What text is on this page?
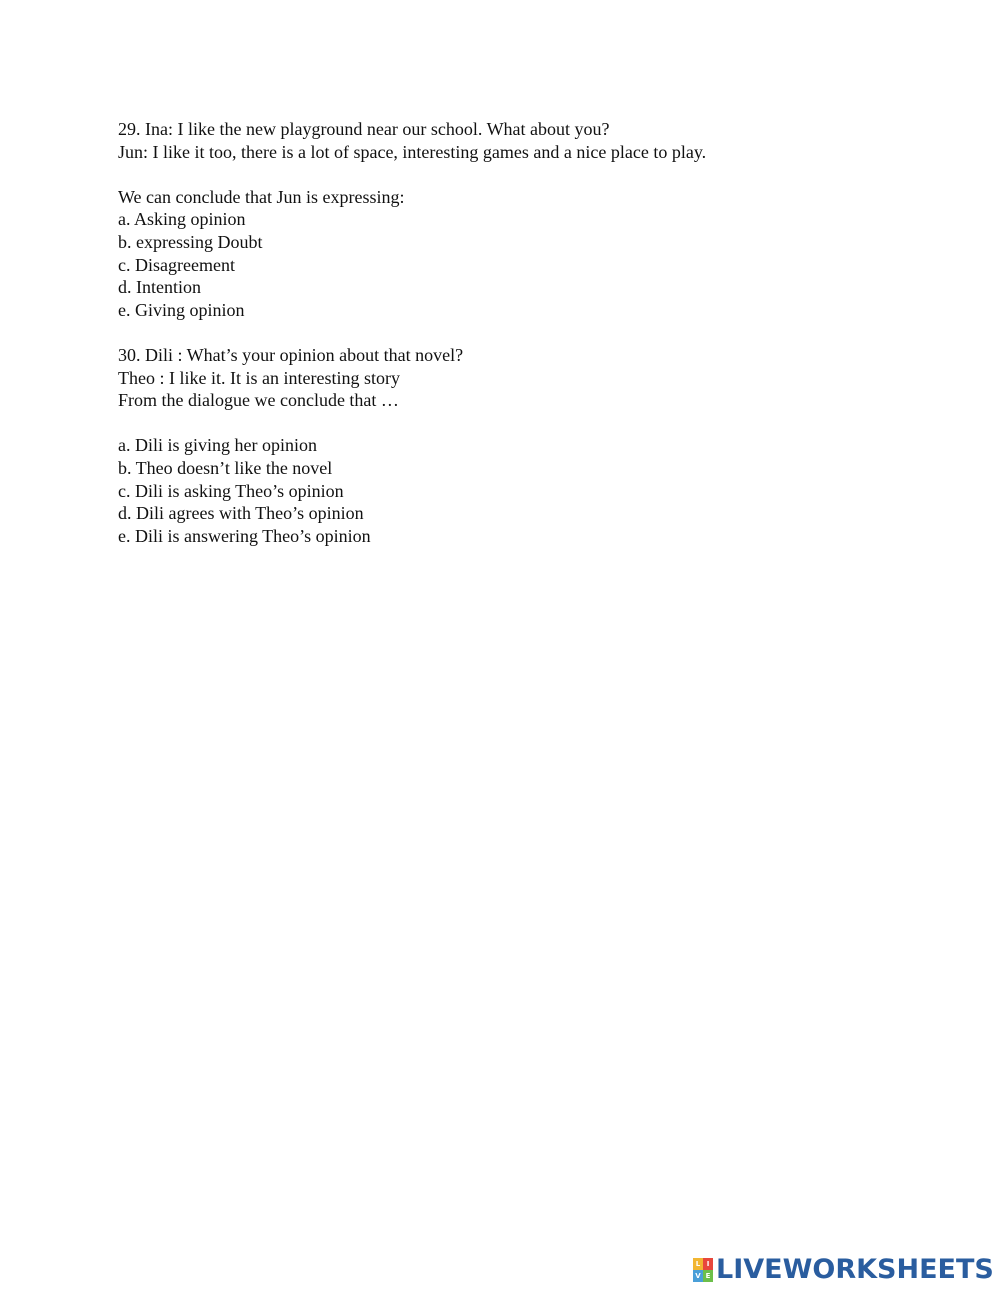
29. Ina: I like the new playground near our school. What about you?
Jun: I like it too, there is a lot of space, interesting games and a nice place to play.
We can conclude that Jun is expressing:
a. Asking opinion
b. expressing Doubt
c. Disagreement
d. Intention
e. Giving opinion
30. Dili : What’s your opinion about that novel?
Theo : I like it. It is an interesting story
From the dialogue we conclude that …
a. Dili is giving her opinion
b. Theo doesn’t like the novel
c. Dili is asking Theo’s opinion
d. Dili agrees with Theo’s opinion
e. Dili is answering Theo’s opinion
L I
V E LIVEWORKSHEETS
